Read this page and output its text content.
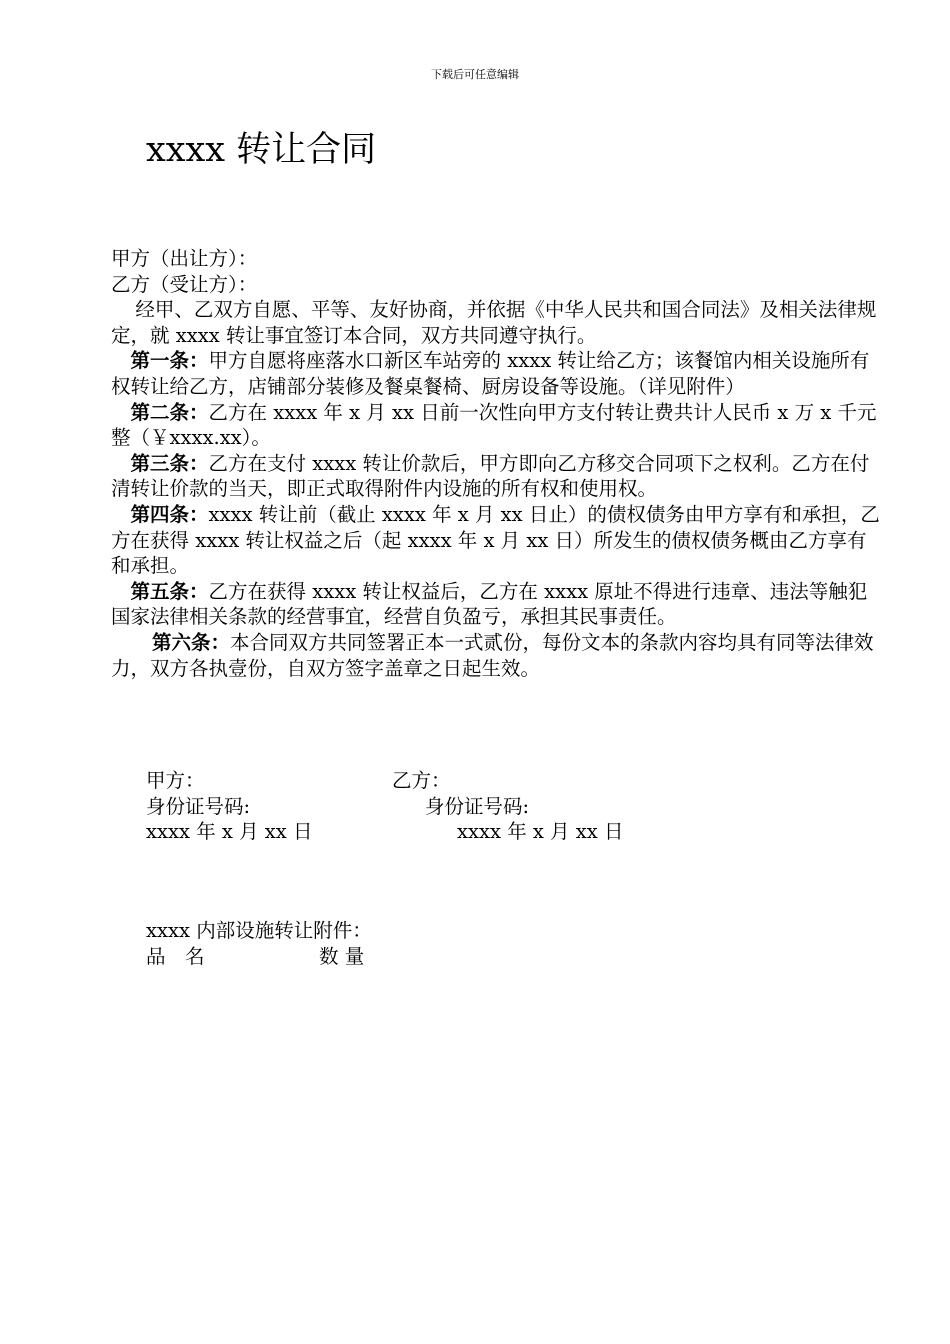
下载后可任意编辑
xxxx 转让合同

甲方（出让方）：

乙方（受让方）：

经甲、乙双方自愿、平等、友好协商，并依据《中华人民共和国合同法》及相关法律规定，就 xxxx 转让事宜签订本合同，双方共同遵守执行。

第一条：甲方自愿将座落水口新区车站旁的 xxxx 转让给乙方；该餐馆内相关设施所有权转让给乙方，店铺部分装修及餐桌餐椅、厨房设备等设施。（详见附件）

第二条：乙方在 xxxx 年 x 月 xx 日前一次性向甲方支付转让费共计人民币 x 万 x 千元整（￥xxxx.xx）。

第三条：乙方在支付 xxxx 转让价款后，甲方即向乙方移交合同项下之权利。乙方在付清转让价款的当天，即正式取得附件内设施的所有权和使用权。

第四条：xxxx 转让前（截止 xxxx 年 x 月 xx 日止）的债权债务由甲方享有和承担，乙方在获得 xxxx 转让权益之后（起 xxxx 年 x 月 xx 日）所发生的债权债务概由乙方享有和承担。

第五条：乙方在获得 xxxx 转让权益后，乙方在 xxxx 原址不得进行违章、违法等触犯国家法律相关条款的经营事宜，经营自负盈亏，承担其民事责任。

第六条：本合同双方共同签署正本一式贰份，每份文本的条款内容均具有同等法律效力，双方各执壹份，自双方签字盖章之日起生效。

甲方：	乙方：
身份证号码:	身份证号码:
xxxx 年 x 月 xx 日	xxxx 年 x 月 xx 日
xxxx 内部设施转让附件：
品　名	数 量
